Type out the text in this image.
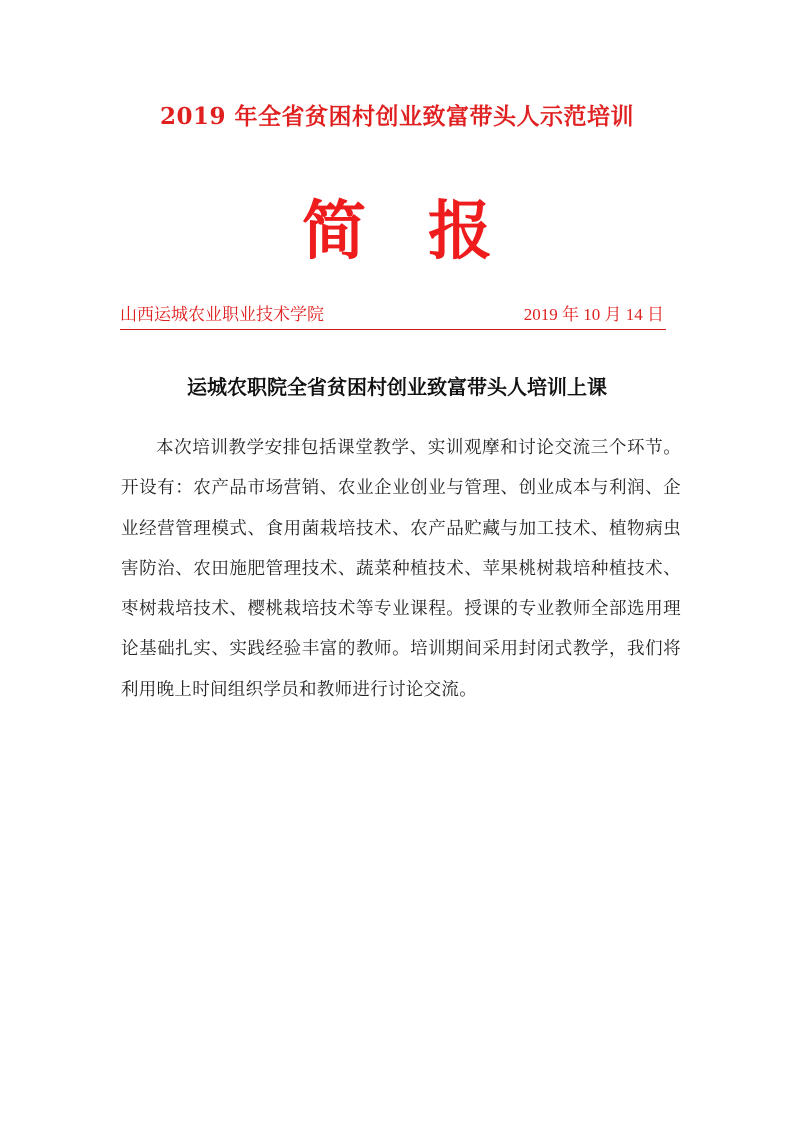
2019 年全省贫困村创业致富带头人示范培训
简 报
山西运城农业职业技术学院	2019 年 10 月 14 日
运城农职院全省贫困村创业致富带头人培训上课

本次培训教学安排包括课堂教学、实训观摩和讨论交流三个环节。开设有：农产品市场营销、农业企业创业与管理、创业成本与利润、企业经营管理模式、食用菌栽培技术、农产品贮藏与加工技术、植物病虫害防治、农田施肥管理技术、蔬菜种植技术、苹果桃树栽培种植技术、枣树栽培技术、樱桃栽培技术等专业课程。授课的专业教师全部选用理论基础扎实、实践经验丰富的教师。培训期间采用封闭式教学，我们将利用晚上时间组织学员和教师进行讨论交流。
